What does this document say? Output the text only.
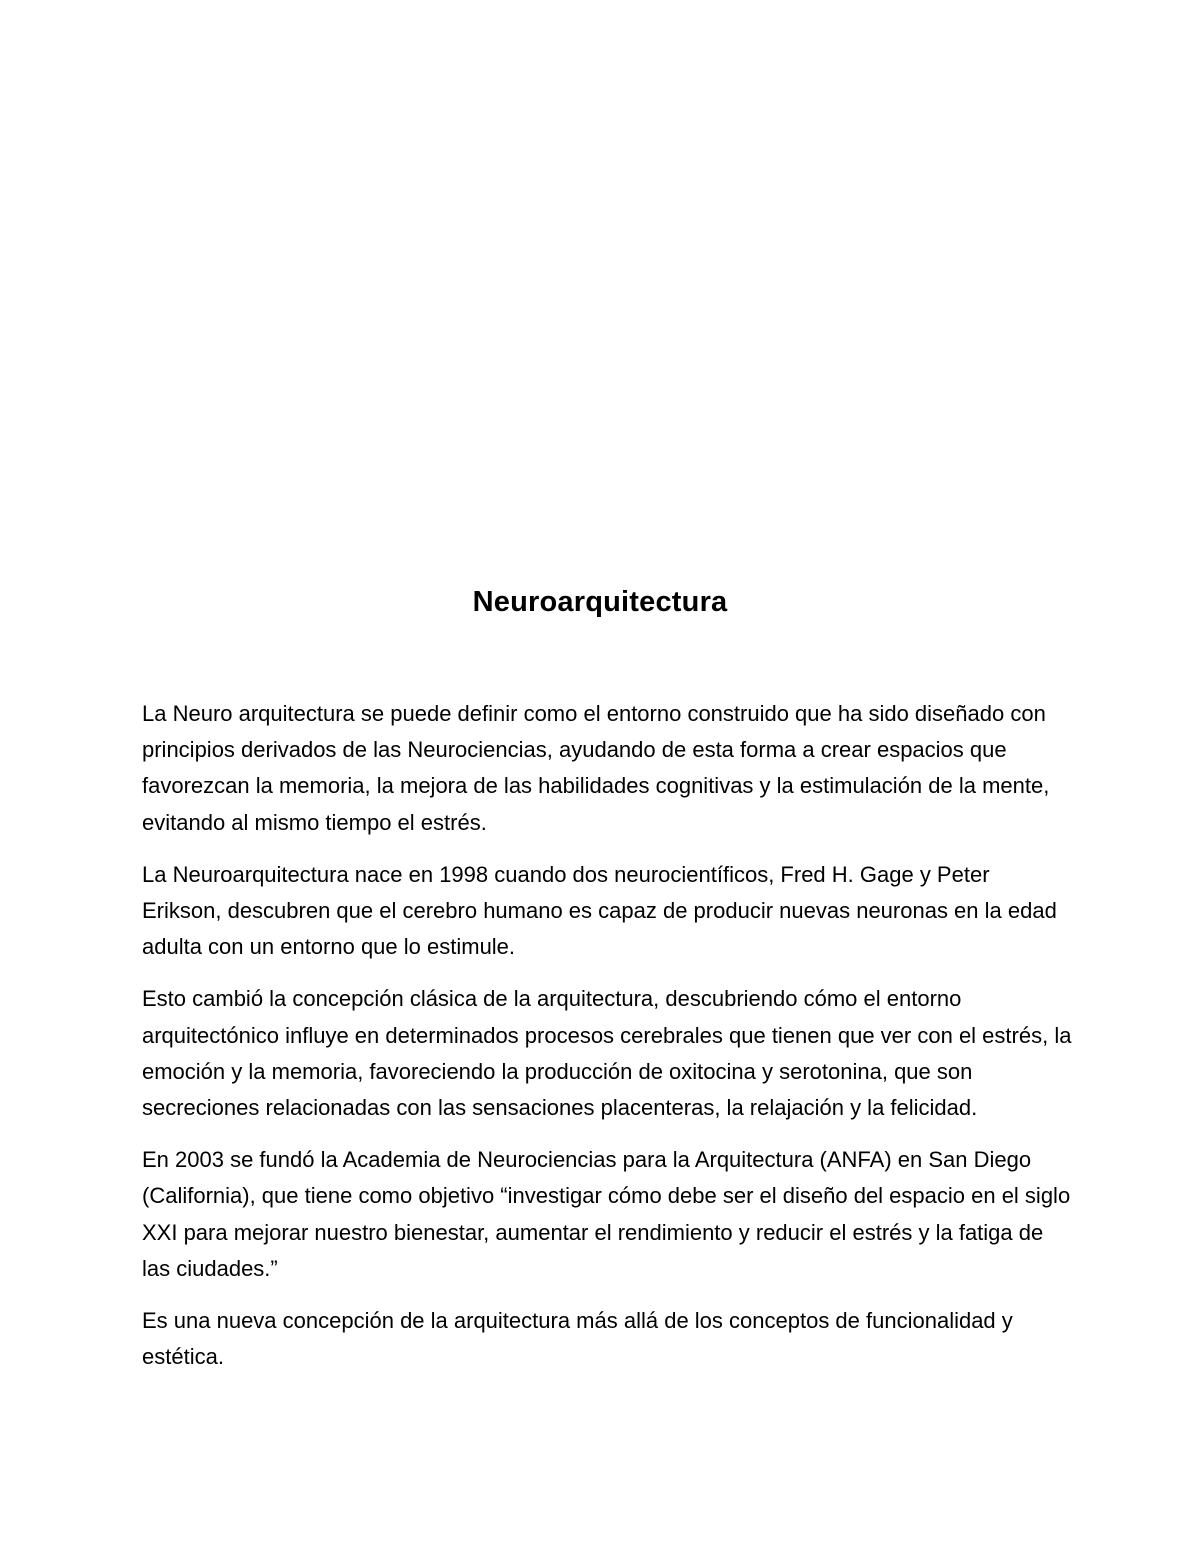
Neuroarquitectura

La Neuro arquitectura se puede definir como el entorno construido que ha sido diseñado con principios derivados de las Neurociencias, ayudando de esta forma a crear espacios que favorezcan la memoria, la mejora de las habilidades cognitivas y la estimulación de la mente, evitando al mismo tiempo el estrés.

La Neuroarquitectura nace en 1998 cuando dos neurocientíficos, Fred H. Gage y Peter Erikson, descubren que el cerebro humano es capaz de producir nuevas neuronas en la edad adulta con un entorno que lo estimule.

Esto cambió la concepción clásica de la arquitectura, descubriendo cómo el entorno arquitectónico influye en determinados procesos cerebrales que tienen que ver con el estrés, la emoción y la memoria, favoreciendo la producción de oxitocina y serotonina, que son secreciones relacionadas con las sensaciones placenteras, la relajación y la felicidad.

En 2003 se fundó la Academia de Neurociencias para la Arquitectura (ANFA) en San Diego (California), que tiene como objetivo “investigar cómo debe ser el diseño del espacio en el siglo XXI para mejorar nuestro bienestar, aumentar el rendimiento y reducir el estrés y la fatiga de las ciudades.”

Es una nueva concepción de la arquitectura más allá de los conceptos de funcionalidad y estética.
